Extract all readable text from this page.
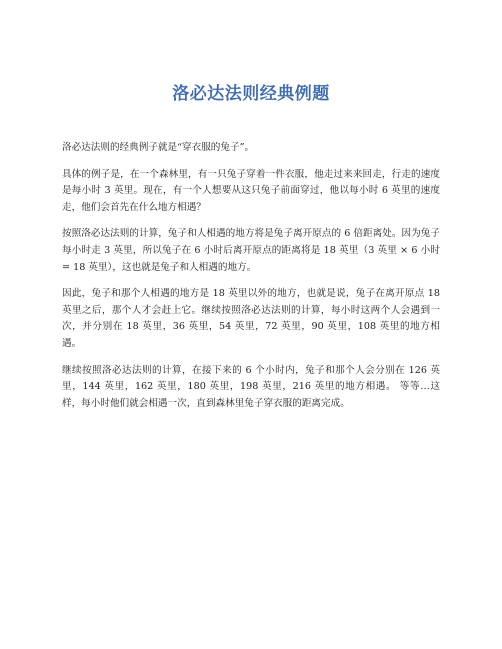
洛必达法则经典例题

洛必达法则的经典例子就是“穿衣服的兔子”。

具体的例子是，在一个森林里，有一只兔子穿着一件衣服，他走过来来回走，行走的速度是每小时 3 英里。现在，有一个人想要从这只兔子前面穿过，他以每小时 6 英里的速度走，他们会首先在什么地方相遇？

按照洛必达法则的计算，兔子和人相遇的地方将是兔子离开原点的 6 倍距离处。因为兔子每小时走 3 英里，所以兔子在 6 小时后离开原点的距离将是 18 英里（3 英里 × 6 小时 = 18 英里），这也就是兔子和人相遇的地方。

因此，兔子和那个人相遇的地方是 18 英里以外的地方，也就是说，兔子在离开原点 18 英里之后，那个人才会赶上它。继续按照洛必达法则的计算，每小时这两个人会遇到一次，并分别在 18 英里，36 英里，54 英里，72 英里，90 英里，108 英里的地方相遇。

继续按照洛必达法则的计算，在接下来的 6 个小时内，兔子和那个人会分别在 126 英里，144 英里，162 英里，180 英里，198 英里，216 英里的地方相遇。 等等…这样，每小时他们就会相遇一次，直到森林里兔子穿衣服的距离完成。
